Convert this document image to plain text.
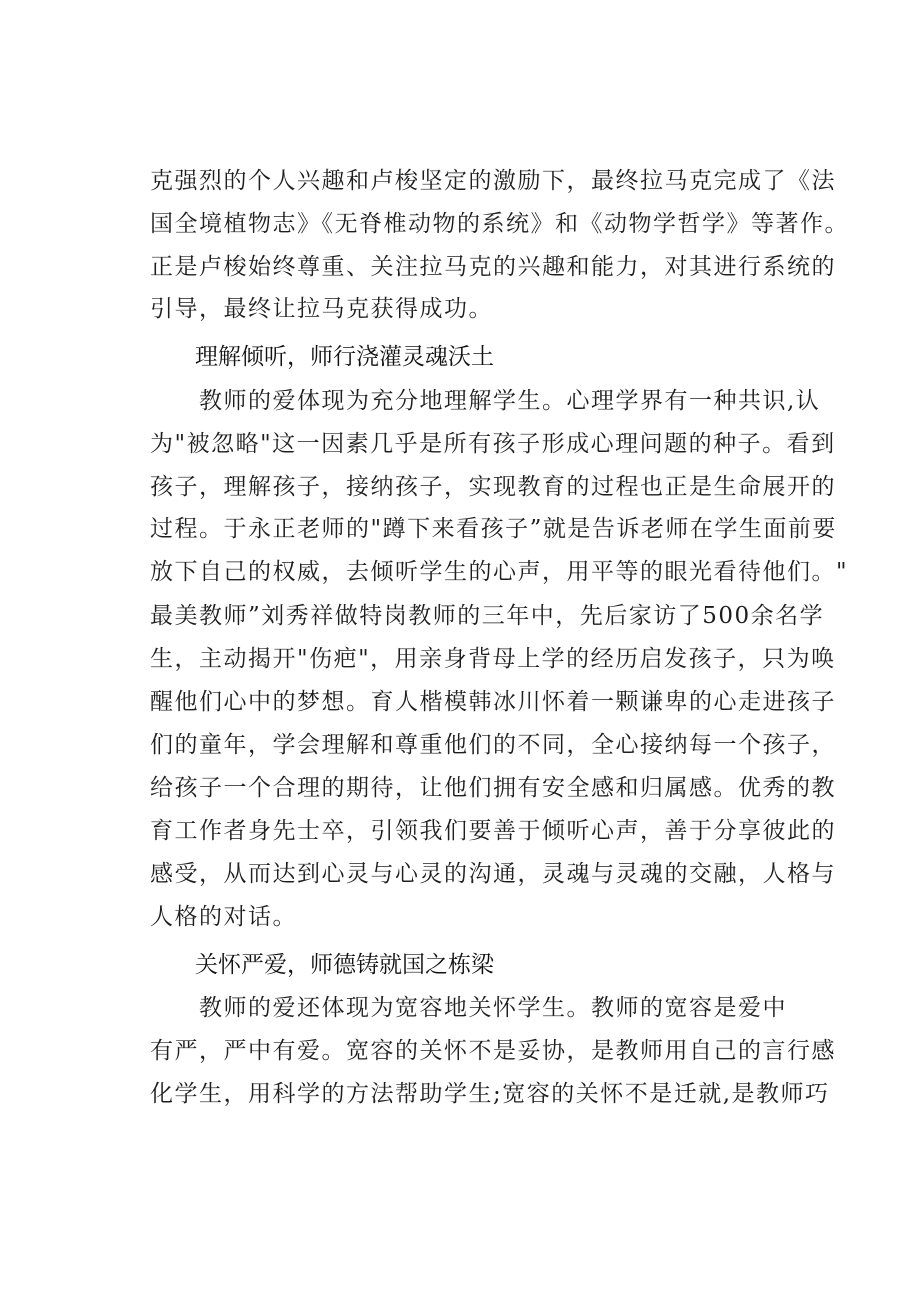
克强烈的个人兴趣和卢梭坚定的激励下，最终拉马克完成了《法
国全境植物志》《无脊椎动物的系统》和《动物学哲学》等著作。
正是卢梭始终尊重、关注拉马克的兴趣和能力，对其进行系统的
引导，最终让拉马克获得成功。
理解倾听，师行浇灌灵魂沃土
　　教师的爱体现为充分地理解学生。心理学界有一种共识,认
为"被忽略"这一因素几乎是所有孩子形成心理问题的种子。看到
孩子，理解孩子，接纳孩子，实现教育的过程也正是生命展开的
过程。于永正老师的"蹲下来看孩子”就是告诉老师在学生面前要
放下自己的权威，去倾听学生的心声，用平等的眼光看待他们。"
最美教师”刘秀祥做特岗教师的三年中，先后家访了500余名学
生，主动揭开"伤疤"，用亲身背母上学的经历启发孩子，只为唤
醒他们心中的梦想。育人楷模韩冰川怀着一颗谦卑的心走进孩子
们的童年，学会理解和尊重他们的不同，全心接纳每一个孩子，
给孩子一个合理的期待，让他们拥有安全感和归属感。优秀的教
育工作者身先士卒，引领我们要善于倾听心声，善于分享彼此的
感受，从而达到心灵与心灵的沟通，灵魂与灵魂的交融，人格与
人格的对话。
关怀严爱，师德铸就国之栋梁
　　教师的爱还体现为宽容地关怀学生。教师的宽容是爱中
有严，严中有爱。宽容的关怀不是妥协，是教师用自己的言行感
化学生，用科学的方法帮助学生;宽容的关怀不是迁就,是教师巧
